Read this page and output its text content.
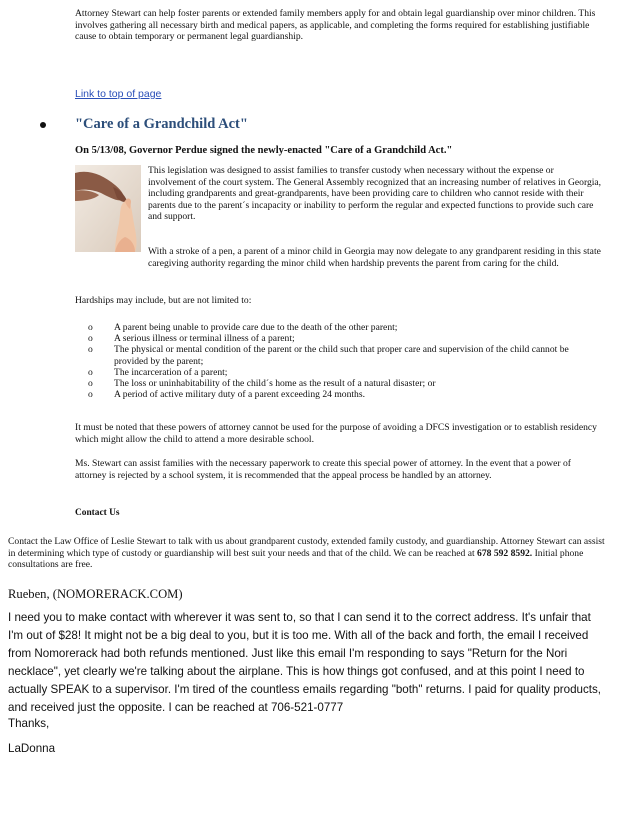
Attorney Stewart can help foster parents or extended family members apply for and obtain legal guardianship over minor children. This involves gathering all necessary birth and medical papers, as applicable, and completing the forms required for establishing justifiable cause to obtain temporary or permanent legal guardianship.

Link to top of page

"Care of a Grandchild Act"

On 5/13/08, Governor Perdue signed the newly-enacted "Care of a Grandchild Act."

This legislation was designed to assist families to transfer custody when necessary without the expense or involvement of the court system. The General Assembly recognized that an increasing number of relatives in Georgia, including grandparents and great-grandparents, have been providing care to children who cannot reside with their parents due to the parent´s incapacity or inability to perform the regular and expected functions to provide such care and support.

With a stroke of a pen, a parent of a minor child in Georgia may now delegate to any grandparent residing in this state caregiving authority regarding the minor child when hardship prevents the parent from caring for the child.

Hardships may include, but are not limited to:

o A parent being unable to provide care due to the death of the other parent;
o A serious illness or terminal illness of a parent;
o The physical or mental condition of the parent or the child such that proper care and supervision of the child cannot be provided by the parent;
o The incarceration of a parent;
o The loss or uninhabitability of the child´s home as the result of a natural disaster; or
o A period of active military duty of a parent exceeding 24 months.

It must be noted that these powers of attorney cannot be used for the purpose of avoiding a DFCS investigation or to establish residency which might allow the child to attend a more desirable school.

Ms. Stewart can assist families with the necessary paperwork to create this special power of attorney. In the event that a power of attorney is rejected by a school system, it is recommended that the appeal process be handled by an attorney.

Contact Us

Contact the Law Office of Leslie Stewart to talk with us about grandparent custody, extended family custody, and guardianship. Attorney Stewart can assist in determining which type of custody or guardianship will best suit your needs and that of the child. We can be reached at 678 592 8592. Initial phone consultations are free.

Rueben, (NOMORERACK.COM)

I need you to make contact with wherever it was sent to, so that I can send it to the correct address. It's unfair that I'm out of $28! It might not be a big deal to you, but it is too me. With all of the back and forth, the email I received from Nomorerack had both refunds mentioned. Just like this email I'm responding to says "Return for the Nori necklace", yet clearly we're talking about the airplane. This is how things got confused, and at this point I need to actually SPEAK to a supervisor. I'm tired of the countless emails regarding "both" returns. I paid for quality products, and received just the opposite. I can be reached at 706-521-0777

Thanks,

LaDonna
